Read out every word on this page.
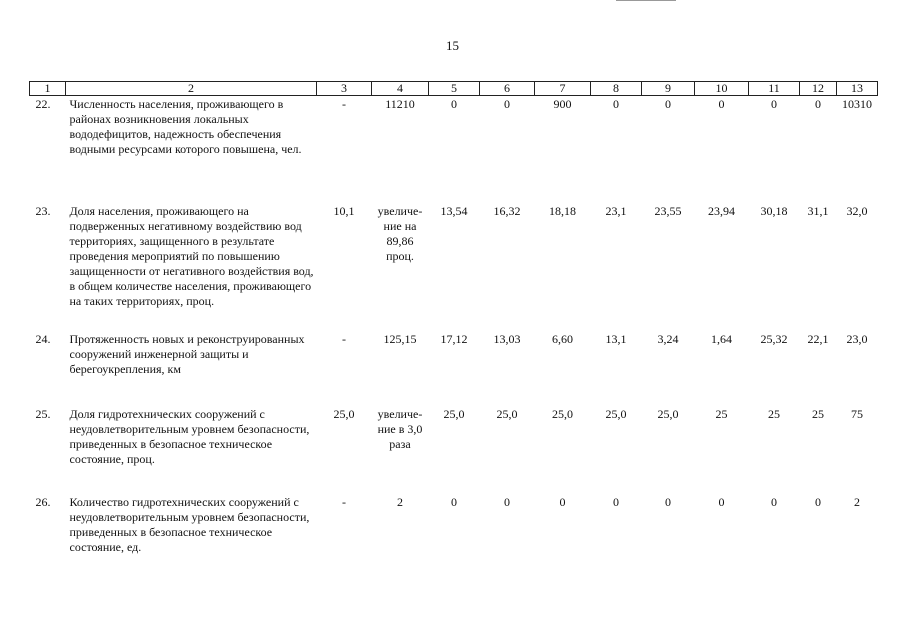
15
1	2	3	4	5	6	7	8	9	10	11	12	13
22.	Численность населения, проживающего в районах возникновения локальных вододефицитов, надежность обеспечения водными ресурсами которого повышена, чел.	-	11210	0	0	900	0	0	0	0	0	10310
23.	Доля населения, проживающего на подверженных негативному воздействию вод территориях, защищенного в результате проведения мероприятий по повышению защищенности от негативного воздействия вод, в общем количестве населения, проживающего на таких территориях, проц.	10,1	увеличе-ние на 89,86 проц.	13,54	16,32	18,18	23,1	23,55	23,94	30,18	31,1	32,0
24.	Протяженность новых и реконструированных сооружений инженерной защиты и берегоукрепления, км	-	125,15	17,12	13,03	6,60	13,1	3,24	1,64	25,32	22,1	23,0
25.	Доля гидротехнических сооружений с неудовлетворительным уровнем безопасности, приведенных в безопасное техническое состояние, проц.	25,0	увеличе-ние в 3,0 раза	25,0	25,0	25,0	25,0	25,0	25	25	25	75
26.	Количество гидротехнических сооружений с неудовлетворительным уровнем безопасности, приведенных в безопасное техническое состояние, ед.	-	2	0	0	0	0	0	0	0	0	2
